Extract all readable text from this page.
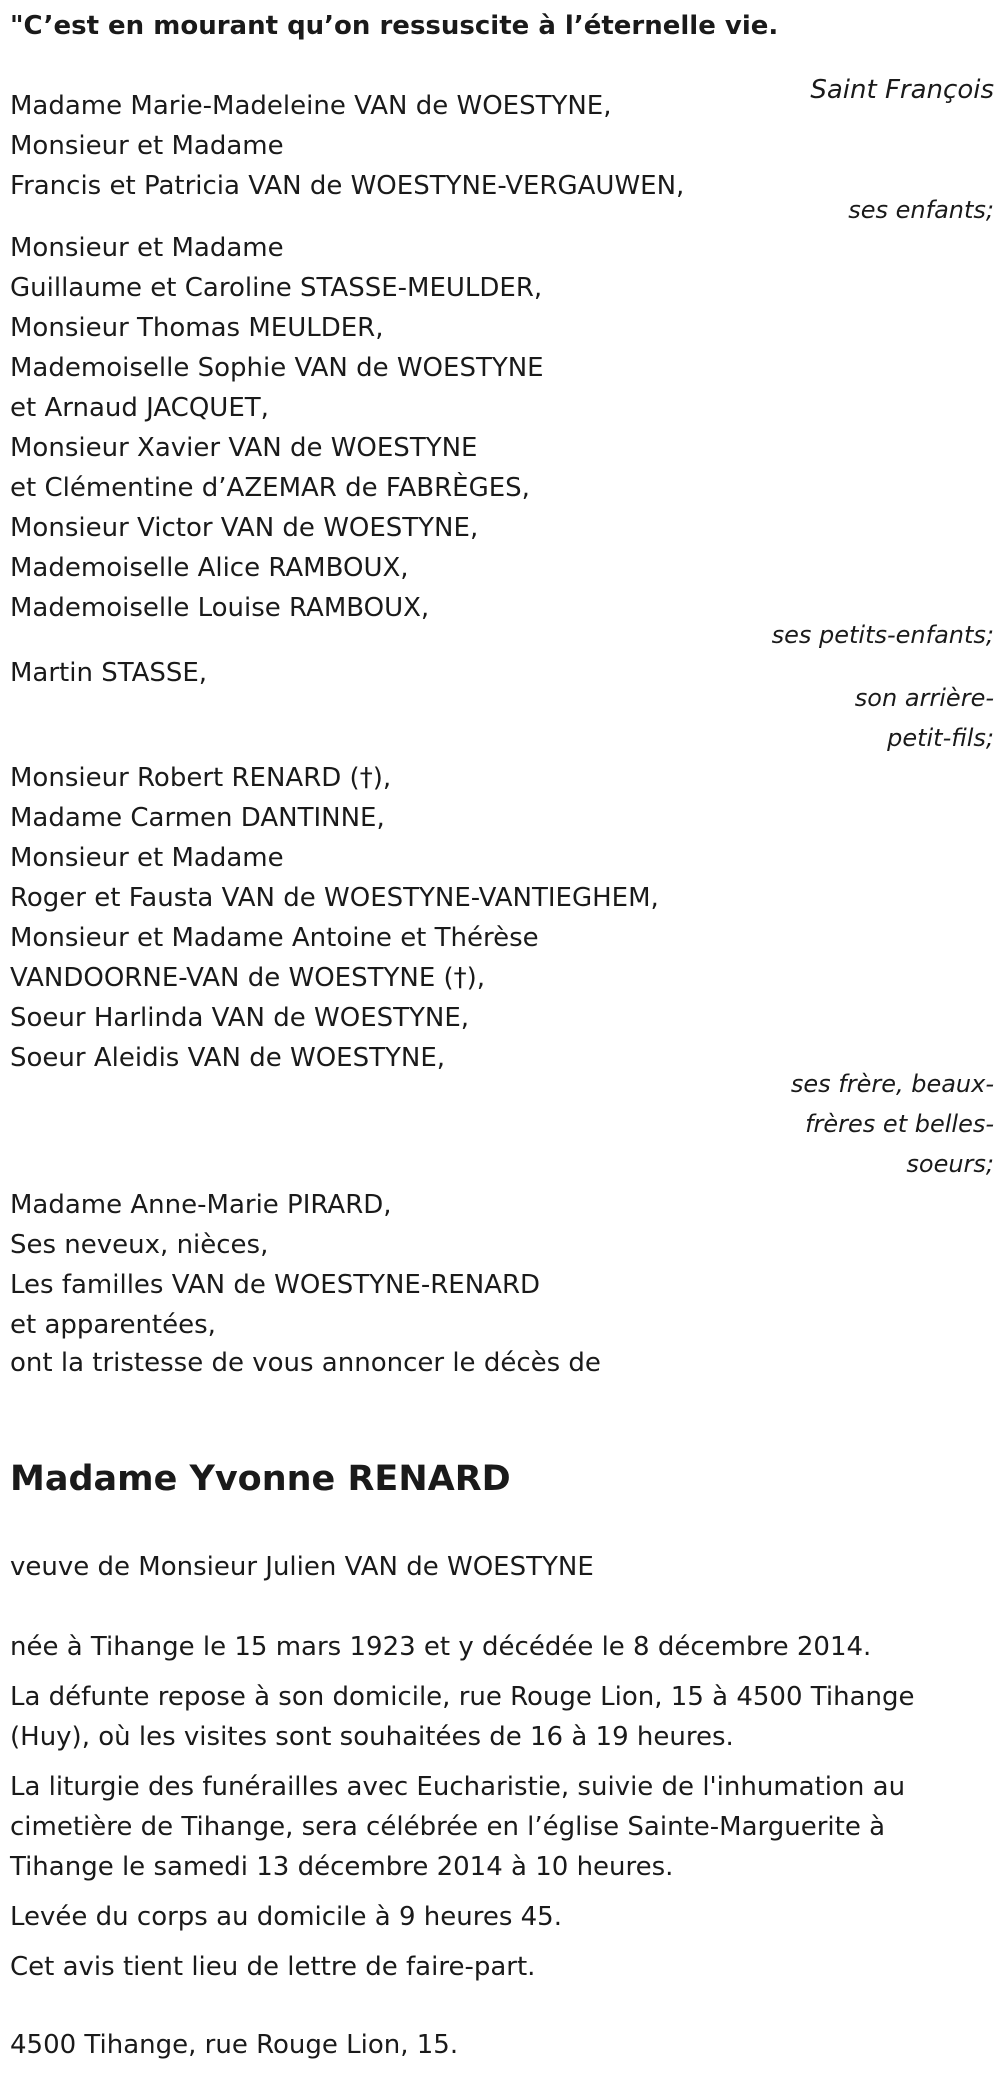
"C’est en mourant qu’on ressuscite à l’éternelle vie.
Saint François
Madame Marie-Madeleine VAN de WOESTYNE,
Monsieur et Madame
Francis et Patricia VAN de WOESTYNE-VERGAUWEN,
ses enfants;
Monsieur et Madame
Guillaume et Caroline STASSE-MEULDER,
Monsieur Thomas MEULDER,
Mademoiselle Sophie VAN de WOESTYNE
et Arnaud JACQUET,
Monsieur Xavier VAN de WOESTYNE
et Clémentine d’AZEMAR de FABRÈGES,
Monsieur Victor VAN de WOESTYNE,
Mademoiselle Alice RAMBOUX,
Mademoiselle Louise RAMBOUX,
ses petits-enfants;
Martin STASSE,
son arrière-
petit-fils;
Monsieur Robert RENARD (†),
Madame Carmen DANTINNE,
Monsieur et Madame
Roger et Fausta VAN de WOESTYNE-VANTIEGHEM,
Monsieur et Madame Antoine et Thérèse
VANDOORNE-VAN de WOESTYNE (†),
Soeur Harlinda VAN de WOESTYNE,
Soeur Aleidis VAN de WOESTYNE,
ses frère, beaux-
frères et belles-
soeurs;
Madame Anne-Marie PIRARD,
Ses neveux, nièces,
Les familles VAN de WOESTYNE-RENARD
et apparentées,
ont la tristesse de vous annoncer le décès de
Madame Yvonne RENARD
veuve de Monsieur Julien VAN de WOESTYNE
née à Tihange le 15 mars 1923 et y décédée le 8 décembre 2014.
La défunte repose à son domicile, rue Rouge Lion, 15 à 4500 Tihange
(Huy), où les visites sont souhaitées de 16 à 19 heures.
La liturgie des funérailles avec Eucharistie, suivie de l'inhumation au
cimetière de Tihange, sera célébrée en l’église Sainte-Marguerite à
Tihange le samedi 13 décembre 2014 à 10 heures.
Levée du corps au domicile à 9 heures 45.
Cet avis tient lieu de lettre de faire-part.
4500 Tihange, rue Rouge Lion, 15.
